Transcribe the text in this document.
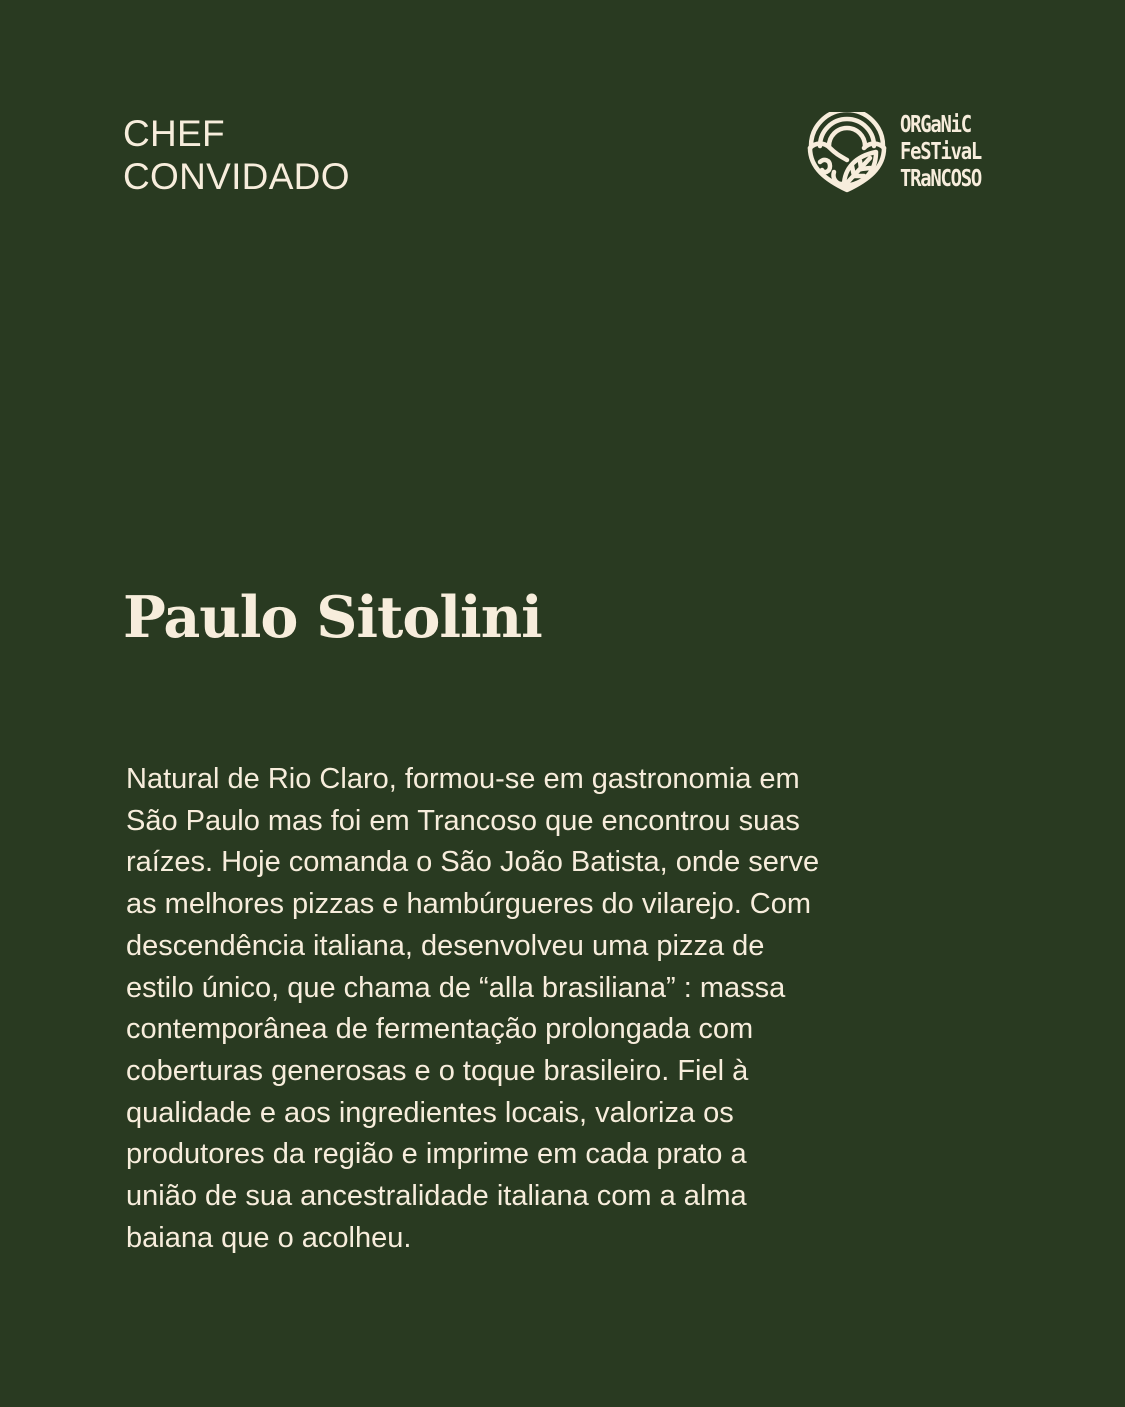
CHEF
CONVIDADO
ORGaNiC
FeSTivaL
TRaNCOSO
Paulo Sitolini

Natural de Rio Claro, formou-se em gastronomia em
São Paulo mas foi em Trancoso que encontrou suas
raízes. Hoje comanda o São João Batista, onde serve
as melhores pizzas e hambúrgueres do vilarejo. Com
descendência italiana, desenvolveu uma pizza de
estilo único, que chama de “alla brasiliana” : massa
contemporânea de fermentação prolongada com
coberturas generosas e o toque brasileiro. Fiel à
qualidade e aos ingredientes locais, valoriza os
produtores da região e imprime em cada prato a
união de sua ancestralidade italiana com a alma
baiana que o acolheu.
